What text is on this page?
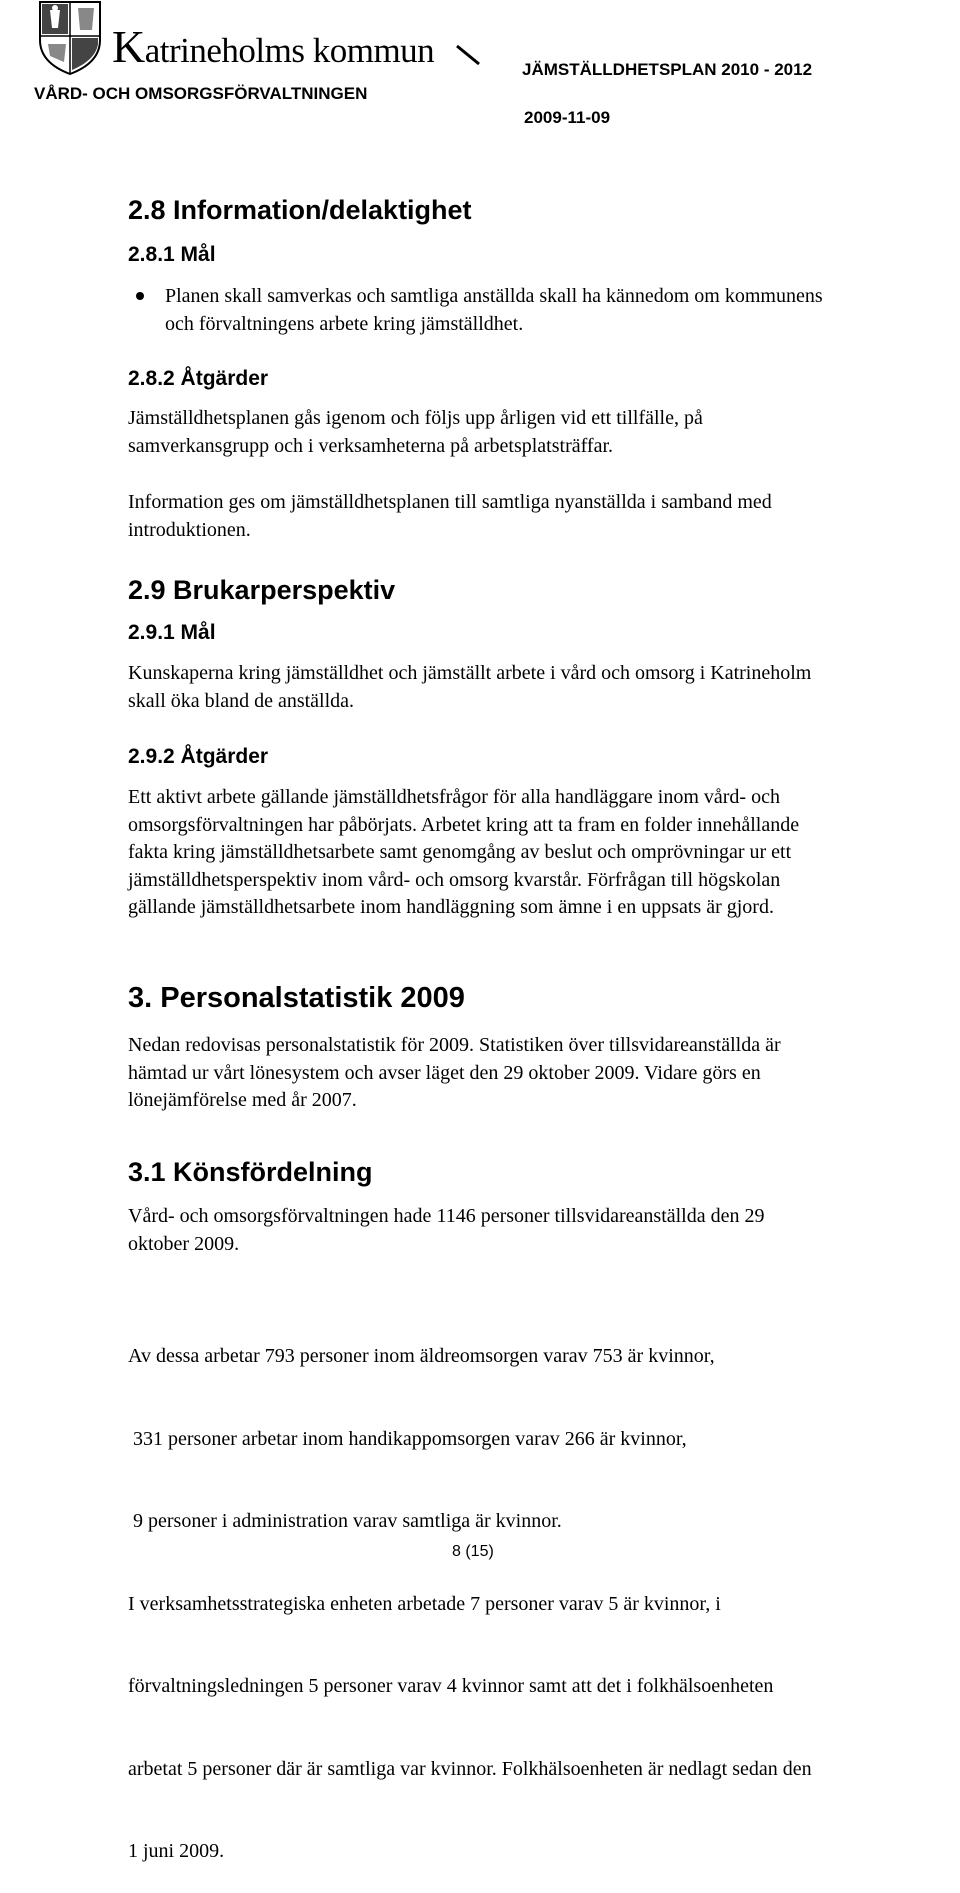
Katrineholms kommun
VÅRD- OCH OMSORGSFÖRVALTNINGEN
JÄMSTÄLLDHETSPLAN 2010 - 2012
2009-11-09
2.8 Information/delaktighet
2.8.1 Mål
Planen skall samverkas och samtliga anställda skall ha kännedom om kommunens
och förvaltningens arbete kring jämställdhet.
2.8.2 Åtgärder
Jämställdhetsplanen gås igenom och följs upp årligen vid ett tillfälle, på
samverkansgrupp och i verksamheterna på arbetsplatsträffar.
Information ges om jämställdhetsplanen till samtliga nyanställda i samband med
introduktionen.
2.9 Brukarperspektiv
2.9.1 Mål
Kunskaperna kring jämställdhet och jämställt arbete i vård och omsorg i Katrineholm
skall öka bland de anställda.
2.9.2 Åtgärder
Ett aktivt arbete gällande jämställdhetsfrågor för alla handläggare inom vård- och
omsorgsförvaltningen har påbörjats. Arbetet kring att ta fram en folder innehållande
fakta kring jämställdhetsarbete samt genomgång av beslut och omprövningar ur ett
jämställdhetsperspektiv inom vård- och omsorg kvarstår. Förfrågan till högskolan
gällande jämställdhetsarbete inom handläggning som ämne i en uppsats är gjord.
3. Personalstatistik 2009
Nedan redovisas personalstatistik för 2009. Statistiken över tillsvidareanställda är
hämtad ur vårt lönesystem och avser läget den 29 oktober 2009. Vidare görs en
lönejämförelse med år 2007.
3.1 Könsfördelning
Vård- och omsorgsförvaltningen hade 1146 personer tillsvidareanställda den 29
oktober 2009.

Av dessa arbetar 793 personer inom äldreomsorgen varav 753 är kvinnor,

331 personer arbetar inom handikappomsorgen varav 266 är kvinnor,

9 personer i administration varav samtliga är kvinnor.

I verksamhetsstrategiska enheten arbetade 7 personer varav 5 är kvinnor, i

förvaltningsledningen 5 personer varav 4 kvinnor samt att det i folkhälsoenheten

arbetat 5 personer där är samtliga var kvinnor. Folkhälsoenheten är nedlagt sedan den

1 juni 2009.

8 (15)
